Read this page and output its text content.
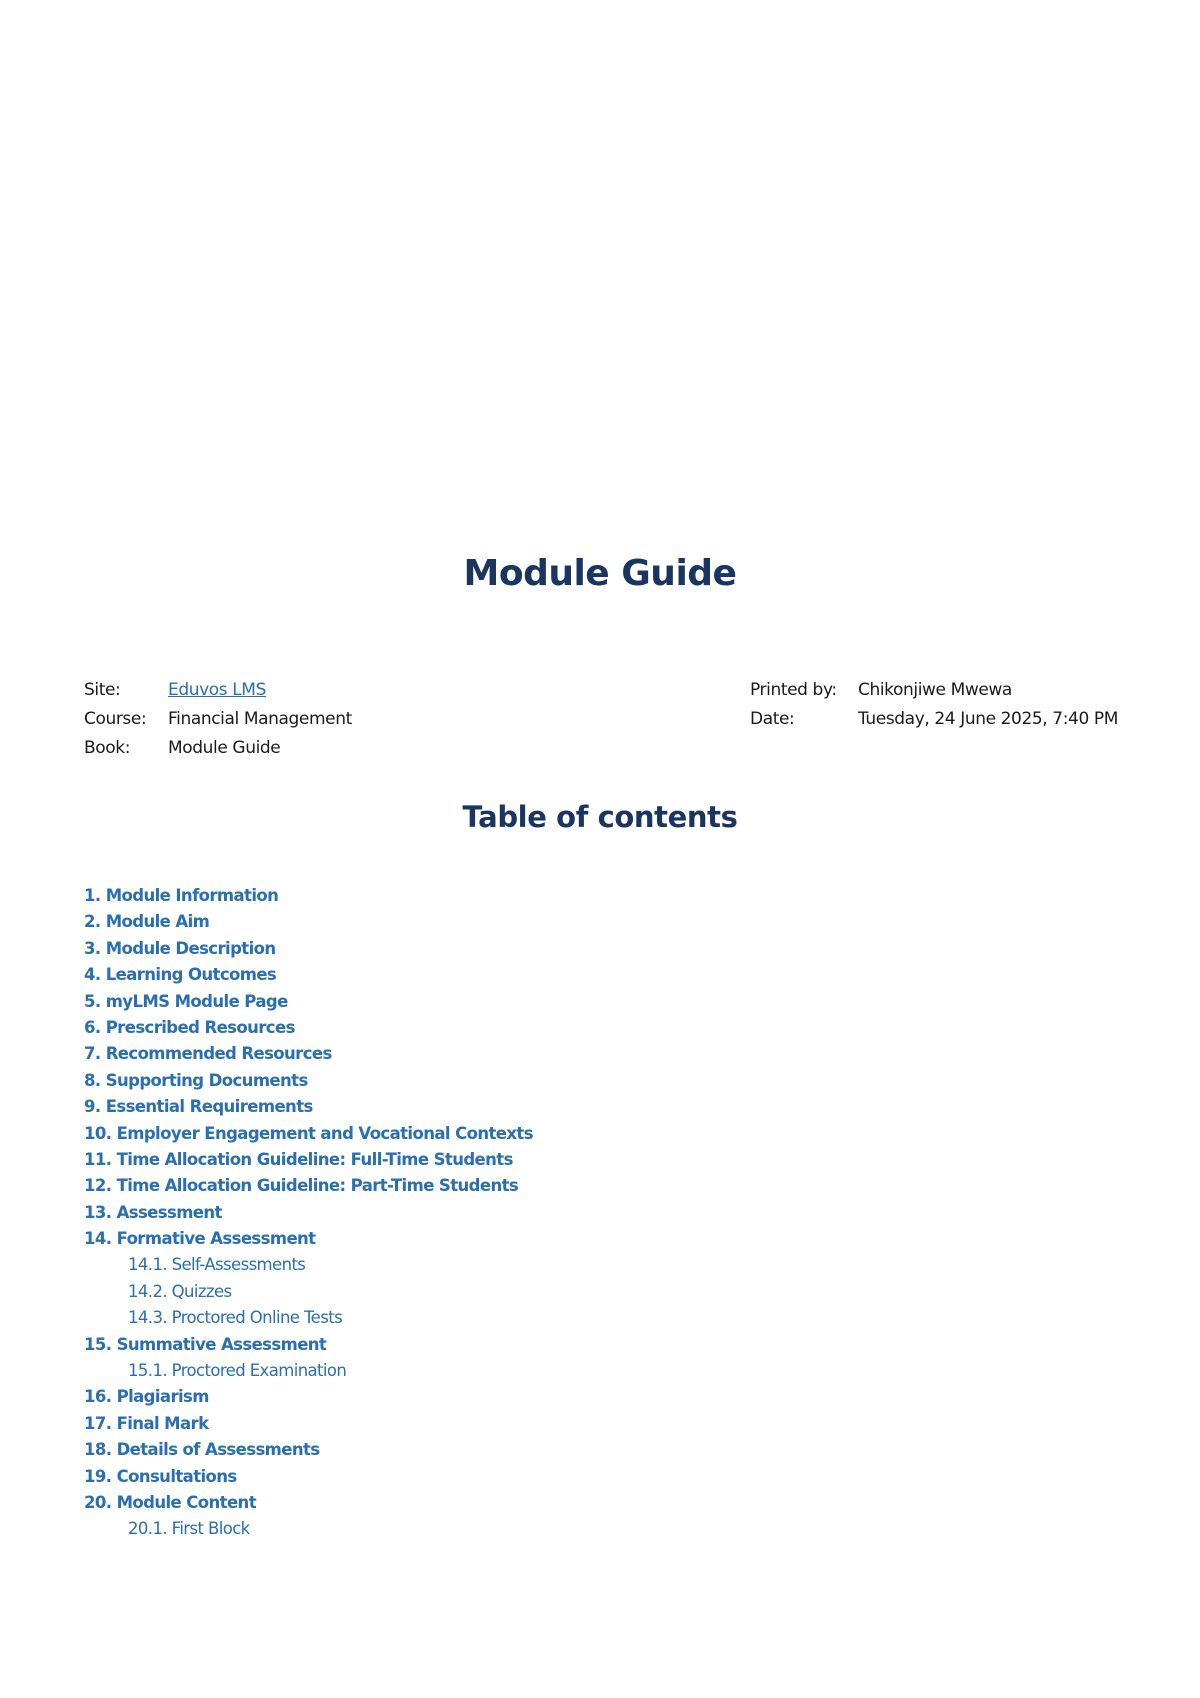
Module Guide
Site:	Eduvos LMS
Course:	Financial Management
Book:	Module Guide
Printed by:	Chikonjiwe Mwewa
Date:	Tuesday, 24 June 2025, 7:40 PM
Table of contents
1. Module Information
2. Module Aim
3. Module Description
4. Learning Outcomes
5. myLMS Module Page
6. Prescribed Resources
7. Recommended Resources
8. Supporting Documents
9. Essential Requirements
10. Employer Engagement and Vocational Contexts
11. Time Allocation Guideline: Full-Time Students
12. Time Allocation Guideline: Part-Time Students
13. Assessment
14. Formative Assessment
14.1. Self-Assessments
14.2. Quizzes
14.3. Proctored Online Tests
15. Summative Assessment
15.1. Proctored Examination
16. Plagiarism
17. Final Mark
18. Details of Assessments
19. Consultations
20. Module Content
20.1. First Block
